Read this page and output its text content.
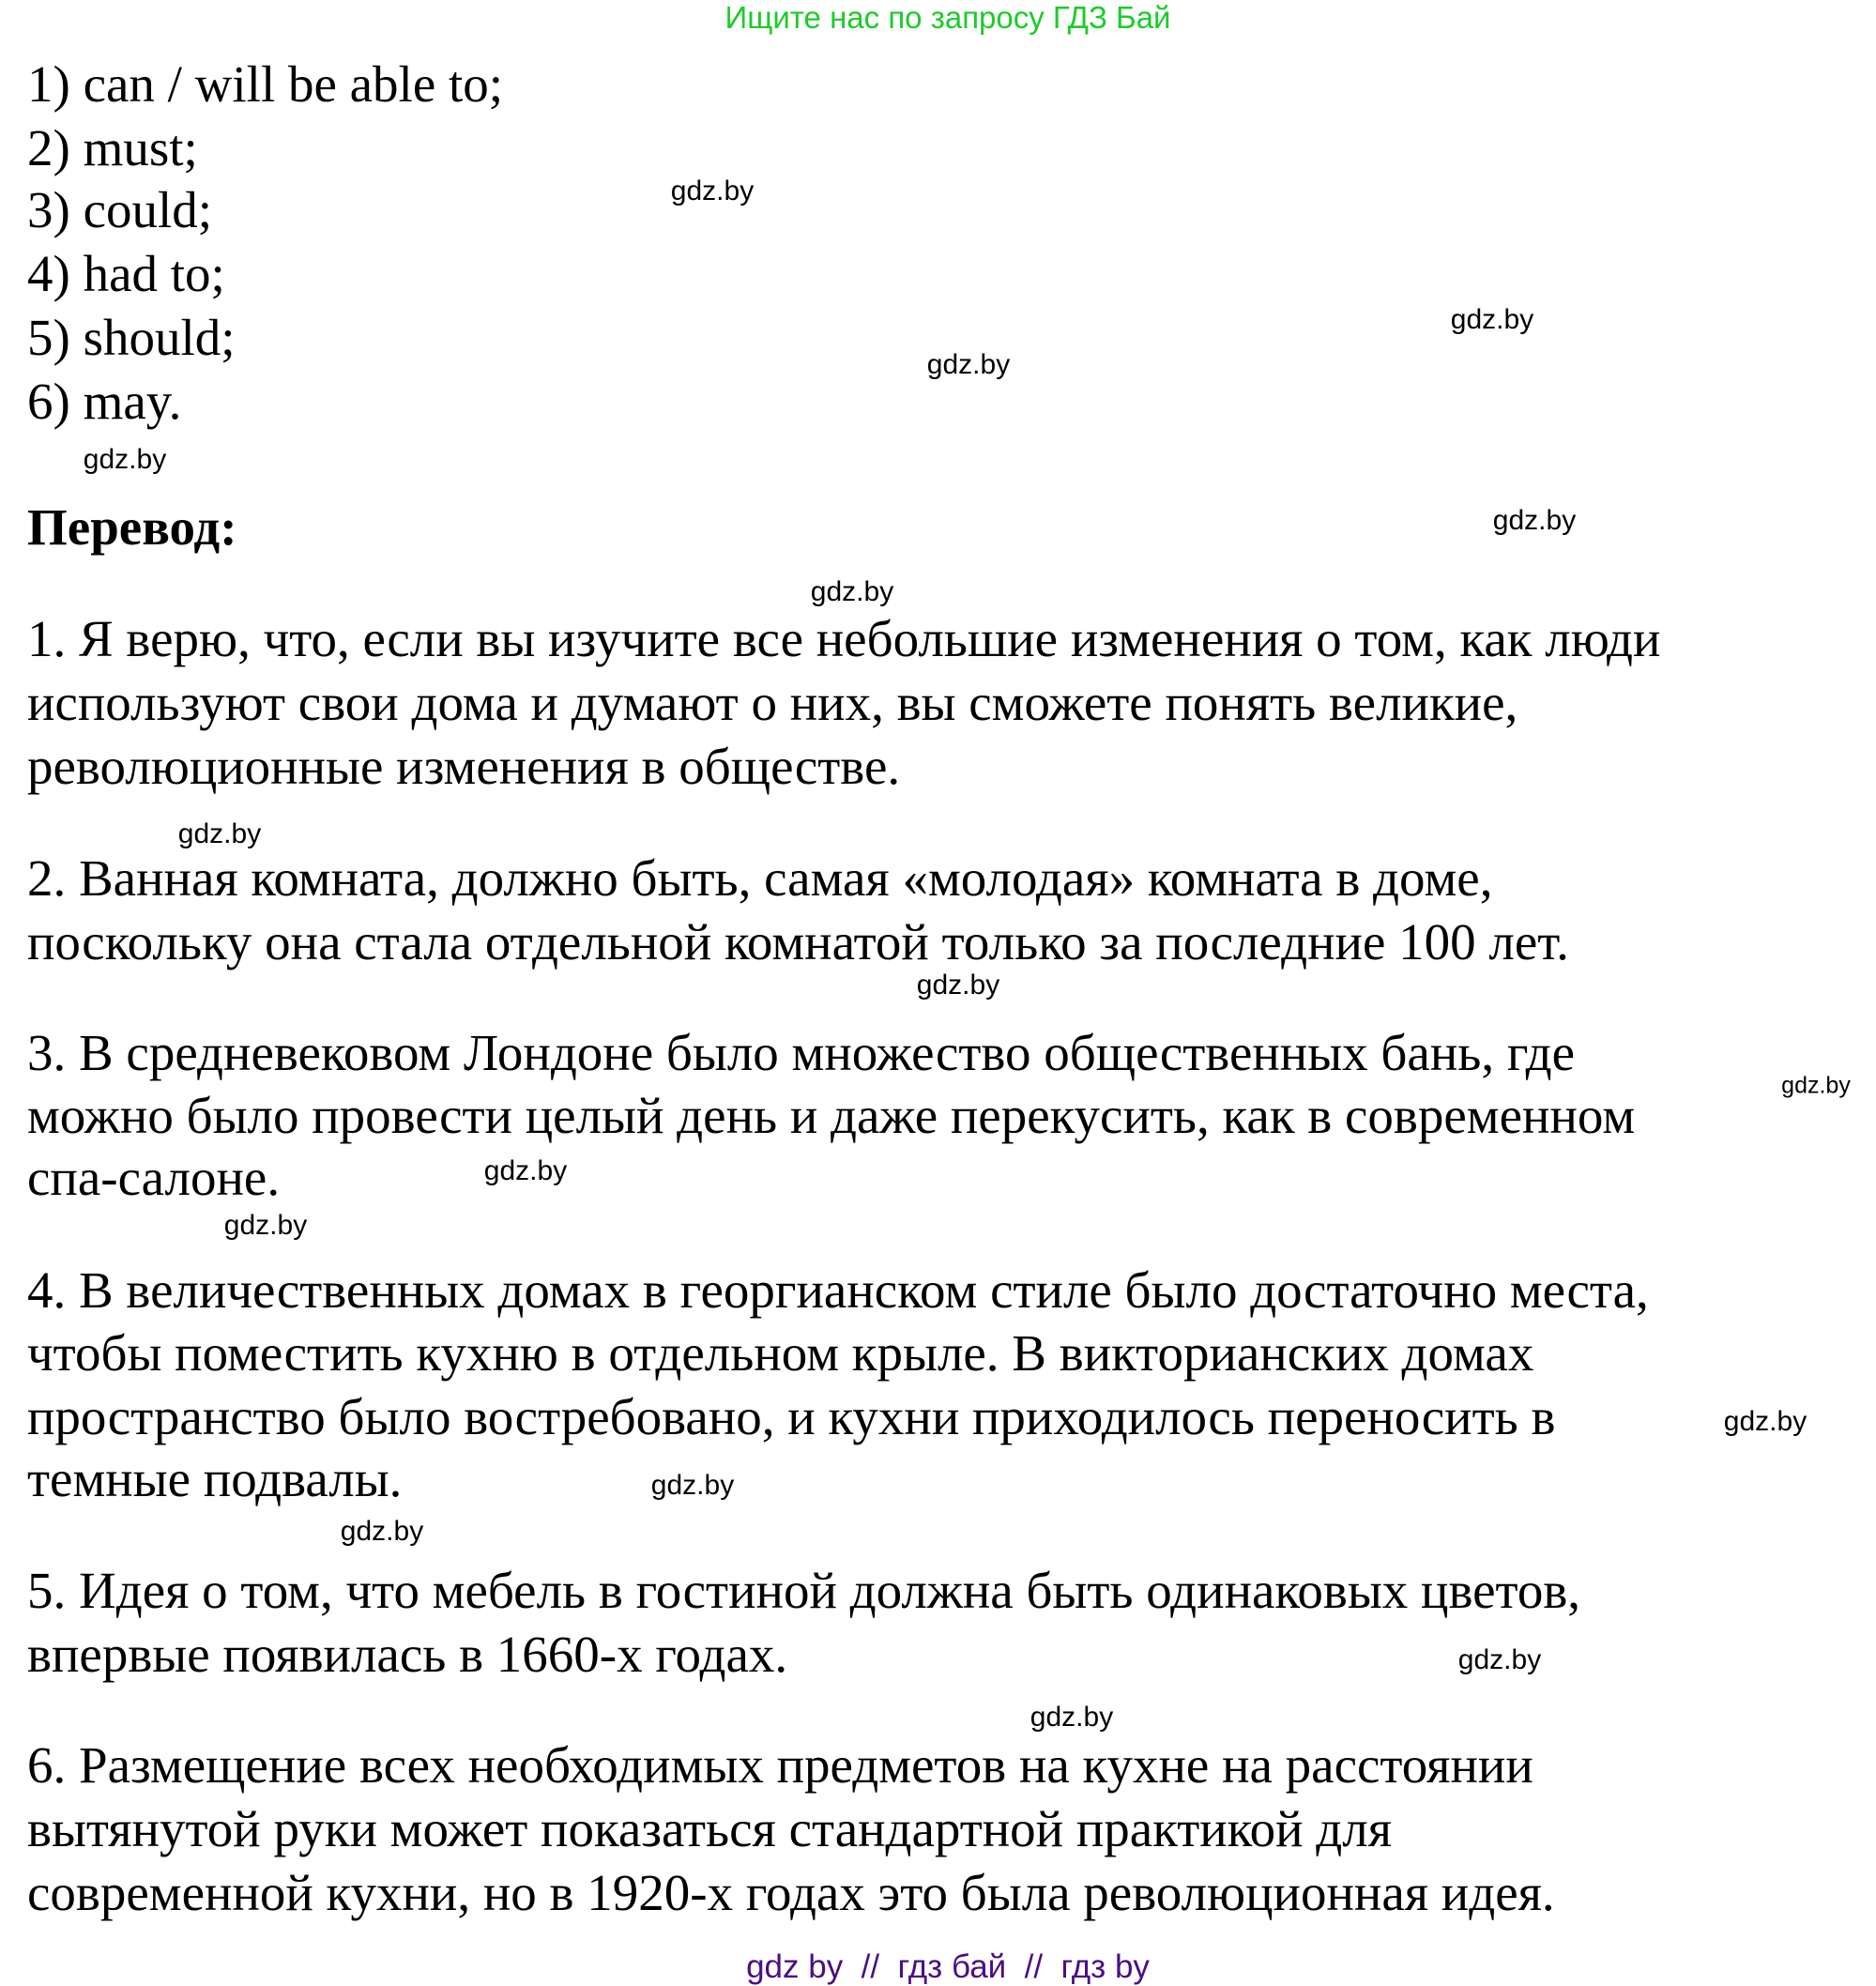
Ищите нас по запросу ГДЗ Бай
1) can / will be able to;
2) must;
3) could;
4) had to;
5) should;
6) may.
Перевод:
1. Я верю, что, если вы изучите все небольшие изменения о том, как люди
используют свои дома и думают о них, вы сможете понять великие,
революционные изменения в обществе.
2. Ванная комната, должно быть, самая «молодая» комната в доме,
поскольку она стала отдельной комнатой только за последние 100 лет.
3. В средневековом Лондоне было множество общественных бань, где
можно было провести целый день и даже перекусить, как в современном
спа-салоне.
4. В величественных домах в георгианском стиле было достаточно места,
чтобы поместить кухню в отдельном крыле. В викторианских домах
пространство было востребовано, и кухни приходилось переносить в
темные подвалы.
5. Идея о том, что мебель в гостиной должна быть одинаковых цветов,
впервые появилась в 1660-х годах.
6. Размещение всех необходимых предметов на кухне на расстоянии
вытянутой руки может показаться стандартной практикой для
современной кухни, но в 1920-х годах это была революционная идея.
gdz.by
gdz.by
gdz.by
gdz.by
gdz.by
gdz.by
gdz.by
gdz.by
gdz.by
gdz.by
gdz.by
gdz.by
gdz.by
gdz.by
gdz.by
gdz.by
gdz by  //  гдз бай  //  гдз by
